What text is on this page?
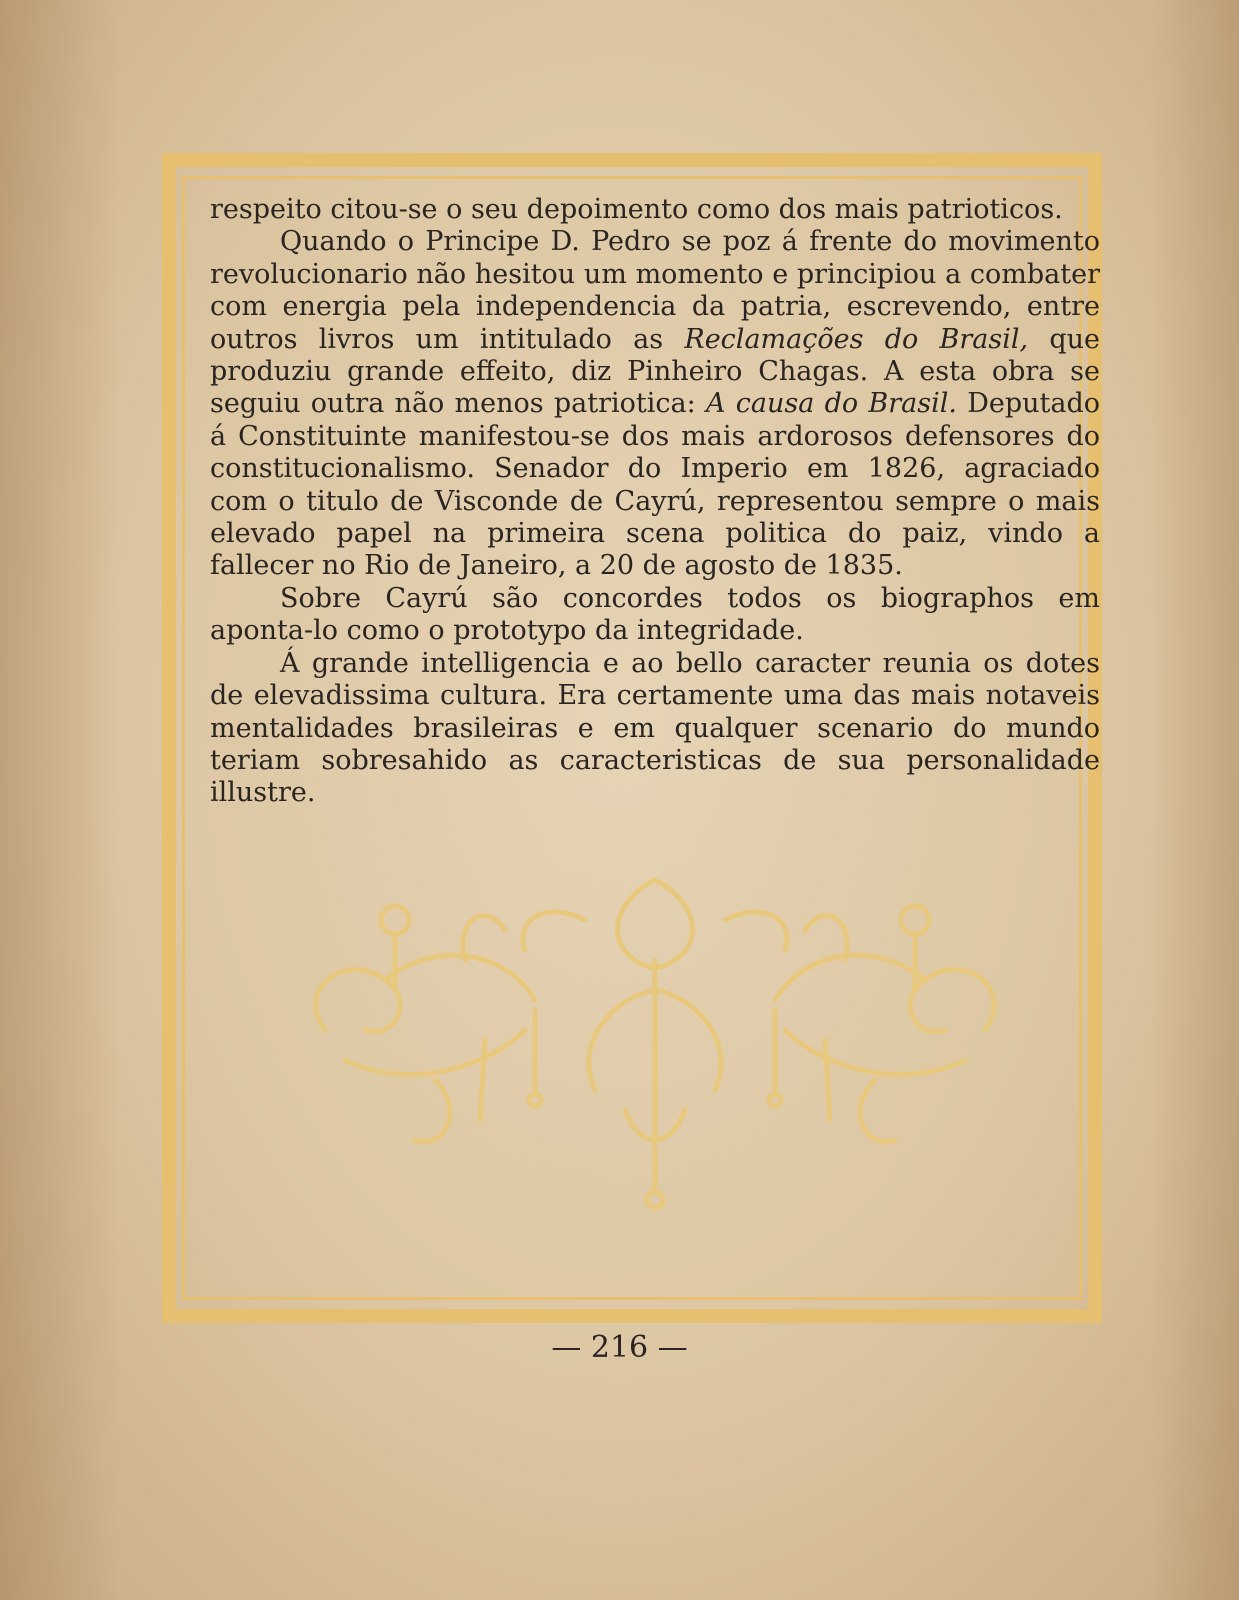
respeito citou-se o seu depoimento como dos mais patrioticos.

Quando o Principe D. Pedro se poz á frente do movimento revolucionario não hesitou um momento e principiou a combater com energia pela independencia da patria, escrevendo, entre outros livros um intitulado as Reclamações do Brasil, que produziu grande effeito, diz Pinheiro Chagas. A esta obra se seguiu outra não menos patriotica: A causa do Brasil. Deputado á Constituinte manifestou-se dos mais ardorosos defensores do constitucionalismo. Senador do Imperio em 1826, agraciado com o titulo de Visconde de Cayrú, representou sempre o mais elevado papel na primeira scena politica do paiz, vindo a fallecer no Rio de Janeiro, a 20 de agosto de 1835.

Sobre Cayrú são concordes todos os biographos em aponta-lo como o prototypo da integridade.

Á grande intelligencia e ao bello caracter reunia os dotes de elevadissima cultura. Era certamente uma das mais notaveis mentalidades brasileiras e em qualquer scenario do mundo teriam sobresahido as caracteristicas de sua personalidade illustre.

— 216 —
